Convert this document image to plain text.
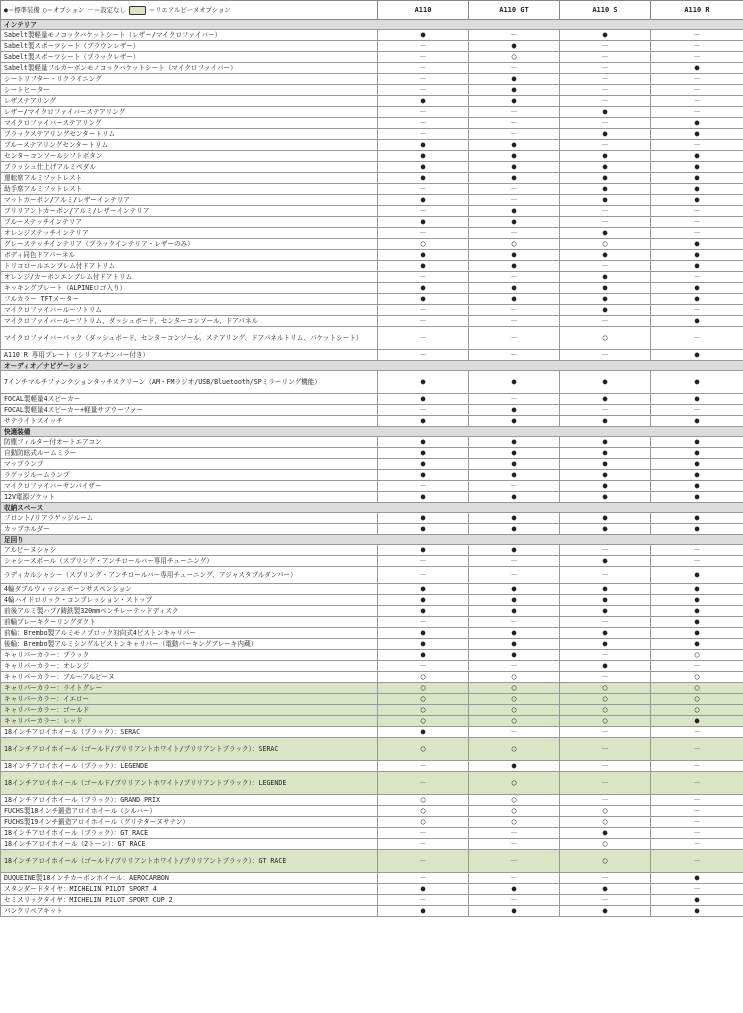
●＝標準装備 ○＝オプション －＝設定なし ＝リエアルピーヌオプション	A110	A110 GT	A110 S	A110 R
インテリア				
Sabelt製軽量モノコックバケットシート（レザー/マイクロファイバー）	●	－	●	－
Sabelt製スポーツシート（ブラウンレザー）	－	●	－	－
Sabelt製スポーツシート（ブラックレザー）	－	○	－	－
Sabelt製軽量フルカーボンモノコックバケットシート（マイクロファイバー）	－	－	－	●
シートリフター・リクライニング	－	●	－	－
シートヒーター	－	●	－	－
レザステアリング	●	●	－	－
レザー/マイクロファイバーステアリング	－	－	●	－
マイクロファイバーステアリング	－	－	－	●
ブラックステアリングセンタートリム	－	－	●	●
ブルーステアリングセンタートリム	●	●	－	－
センターコンソールシフトボタン	●	●	●	●
ブラッシュ仕上げアルミペダル	●	●	●	●
運転席アルミフットレスト	●	●	●	●
助手席アルミフットレスト	－	－	●	●
マットカーボン/アルミ/レザーインテリア	●	－	●	●
ブリリアントカーボン/アルミ/レザーインテリア	－	●	－	－
ブルーステッチインテリア	●	●	－	－
オレンジステッチインテリア	－	－	●	－
グレーステッチインテリア（ブラックインテリア・レザーのみ）	○	○	○	●
ボディ同色ドアパーネル	●	●	●	●
トリコロールエンブレム付ドアトリム	●	●	－	●
オレンジ/カーボンエンブレム付ドアトリム	－	－	●	－
キッキングプレート（ALPINEロゴ入り）	●	●	●	●
フルカラー TFTメーター	●	●	●	●
マイクロファイバールーフトリム	－	－	●	－
マイクロファイバールーフトリム、ダッシュボード、センターコンソール、ドアパネル	－	－	－	●
マイクロファイバーパック（ダッシュボード、センターコンソール、ステアリング、ドアパネルトリム、パケットシート）	－	－	○	－
A110 R 専用プレート（シリアルナンバー付き）	－	－	－	●
オーディオ／ナビゲーション				
7インチマルチファンクションタッチスクリーン（AM・FMラジオ/USB/Bluetooth/SPミラーリング機能）	●	●	●	●
FOCAL製軽量4スピーカー	●	－	●	●
FOCAL製軽量4スピーカー+軽量サブウーファー	－	●	－	－
サテライトスイッチ	●	●	●	●
快適装備				
防塵フィルター付オートエアコン	●	●	●	●
自動防眩式ルームミラー	●	●	●	●
マップランプ	●	●	●	●
ラゲッジルームランプ	●	●	●	●
マイクロファイバーサンバイザー	－	－	●	●
12V電源ソケット	●	●	●	●
収納スペース				
フロント/リアラゲッジルーム	●	●	●	●
カップホルダー	●	●	●	●
足回り				
アルピーヌシャシ	●	●	－	－
シャシースポール（スプリング・アンチロールバー専用チューニング）	－	－	●	－
ラディカルシャシー（スプリング・アンチロールバー専用チューニング、アジャスタブルダンパー）	－	－	－	●
4輪ダブルウィッシュボーンサスペンション	●	●	●	●
4輪ハイドロリック・コンプレッション・ストップ	●	●	●	●
前後アルミ製ハブ/鋳鉄製320mmベンチレーテッドディスク	●	●	●	●
前輪ブレーキクーリングダクト	－	－	－	●
前輪：Brembo製アルミモノブロック対向式4ピストンキャリパー	●	●	●	●
後輪：Brembo製アルミシングルピストンキャリパー（電動パーキングブレーキ内蔵）	●	●	●	●
キャリパーカラー：ブラック	●	●	－	○
キャリパーカラー：オレンジ	－	－	●	－
キャリパーカラー：ブルーアルピーヌ	○	○	－	○
キャリパーカラー：ライトグレー	○	○	○	○
キャリパーカラー：イエロー	○	○	○	○
キャリパーカラー：ゴールド	○	○	○	○
キャリパーカラー：レッド	○	○	○	●
18インチアロイホイール（ブラック）：SERAC	●	－	－	－
18インチアロイホイール（ゴールド/ブリリアントホワイト/ブリリアントブラック）：SERAC	○	○	－	－
18インチアロイホイール（ブラック）：LEGENDE	－	●	－	－
18インチアロイホイール（ゴールド/ブリリアントホワイト/ブリリアントブラック）：LEGENDE	－	○	－	－
18インチアロイホイール（ブラック）：GRAND PRIX	○	○	－	－
FUCHS製18インチ鍛造アロイホイール（シルバー）	○	○	○	－
FUCHS製19インチ鍛造アロイホイール（グリテターヌサテン）	○	○	○	－
18インチアロイホイール（ブラック）：GT RACE	－	－	●	－
18インチアロイホイール（2トーン）：GT RACE	－	－	○	－
18インチアロイホイール（ゴールド/ブリリアントホワイト/ブリリアントブラック）：GT RACE	－	－	○	－
DUQUEINE製18インチカーボンホイール：AEROCARBON	－	－	－	●
スタンダードタイヤ：MICHELIN PILOT SPORT 4	●	●	●	－
セミスリックタイヤ：MICHELIN PILOT SPORT CUP 2	－	－	－	●
パンクリペアキット	●	●	●	●
